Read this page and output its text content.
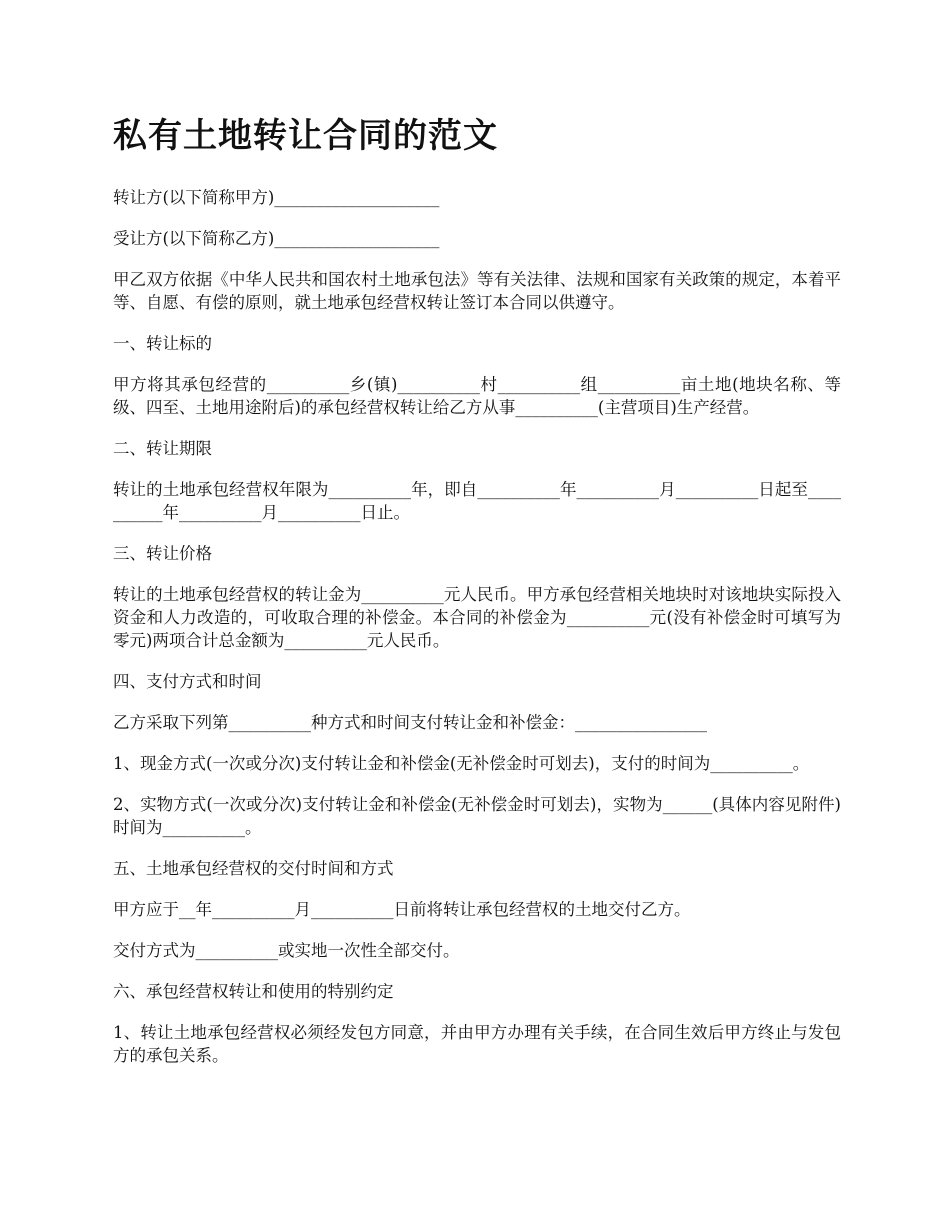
私有土地转让合同的范文

转让方(以下简称甲方)____________________

受让方(以下简称乙方)____________________

甲乙双方依据《中华人民共和国农村土地承包法》等有关法律、法规和国家有关政策的规定，本着平等、自愿、有偿的原则，就土地承包经营权转让签订本合同以供遵守。

一、转让标的

甲方将其承包经营的__________乡(镇)__________村__________组__________亩土地(地块名称、等级、四至、土地用途附后)的承包经营权转让给乙方从事__________(主营项目)生产经营。

二、转让期限

转让的土地承包经营权年限为__________年，即自__________年__________月__________日起至__________年__________月__________日止。

三、转让价格

转让的土地承包经营权的转让金为__________元人民币。甲方承包经营相关地块时对该地块实际投入资金和人力改造的，可收取合理的补偿金。本合同的补偿金为__________元(没有补偿金时可填写为零元)两项合计总金额为__________元人民币。

四、支付方式和时间

乙方采取下列第__________种方式和时间支付转让金和补偿金：________________

1、现金方式(一次或分次)支付转让金和补偿金(无补偿金时可划去)，支付的时间为__________。

2、实物方式(一次或分次)支付转让金和补偿金(无补偿金时可划去)，实物为______(具体内容见附件)时间为__________。

五、土地承包经营权的交付时间和方式

甲方应于__年__________月__________日前将转让承包经营权的土地交付乙方。

交付方式为__________或实地一次性全部交付。

六、承包经营权转让和使用的特别约定

1、转让土地承包经营权必须经发包方同意，并由甲方办理有关手续，在合同生效后甲方终止与发包方的承包关系。
